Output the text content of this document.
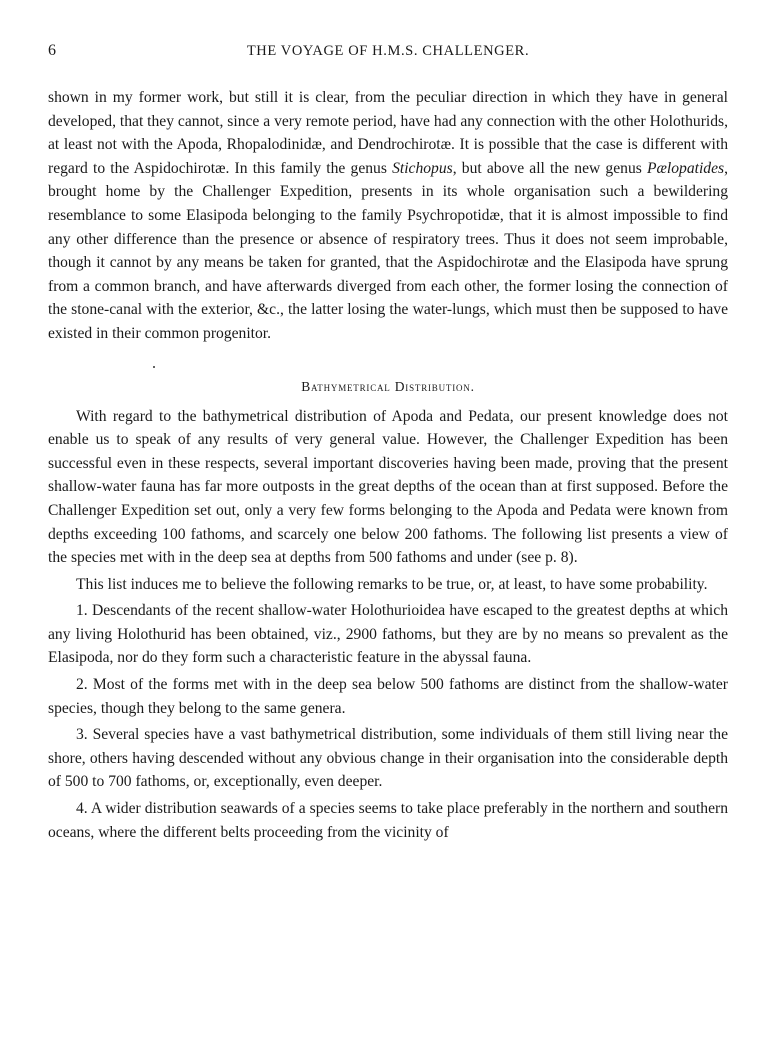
6	THE VOYAGE OF H.M.S. CHALLENGER.

shown in my former work, but still it is clear, from the peculiar direction in which they have in general developed, that they cannot, since a very remote period, have had any connection with the other Holothurids, at least not with the Apoda, Rhopalodinidæ, and Dendrochirotæ. It is possible that the case is different with regard to the Aspidochirotæ. In this family the genus Stichopus, but above all the new genus Pælopatides, brought home by the Challenger Expedition, presents in its whole organisation such a bewildering resemblance to some Elasipoda belonging to the family Psychropotidæ, that it is almost impossible to find any other difference than the presence or absence of respiratory trees. Thus it does not seem improbable, though it cannot by any means be taken for granted, that the Aspidochirotæ and the Elasipoda have sprung from a common branch, and have afterwards diverged from each other, the former losing the connection of the stone-canal with the exterior, &c., the latter losing the water-lungs, which must then be supposed to have existed in their common progenitor.

Bathymetrical Distribution.

With regard to the bathymetrical distribution of Apoda and Pedata, our present knowledge does not enable us to speak of any results of very general value. However, the Challenger Expedition has been successful even in these respects, several important discoveries having been made, proving that the present shallow-water fauna has far more outposts in the great depths of the ocean than at first supposed. Before the Challenger Expedition set out, only a very few forms belonging to the Apoda and Pedata were known from depths exceeding 100 fathoms, and scarcely one below 200 fathoms. The following list presents a view of the species met with in the deep sea at depths from 500 fathoms and under (see p. 8).

This list induces me to believe the following remarks to be true, or, at least, to have some probability.

1. Descendants of the recent shallow-water Holothurioidea have escaped to the greatest depths at which any living Holothurid has been obtained, viz., 2900 fathoms, but they are by no means so prevalent as the Elasipoda, nor do they form such a characteristic feature in the abyssal fauna.

2. Most of the forms met with in the deep sea below 500 fathoms are distinct from the shallow-water species, though they belong to the same genera.

3. Several species have a vast bathymetrical distribution, some individuals of them still living near the shore, others having descended without any obvious change in their organisation into the considerable depth of 500 to 700 fathoms, or, exceptionally, even deeper.

4. A wider distribution seawards of a species seems to take place preferably in the northern and southern oceans, where the different belts proceeding from the vicinity of
